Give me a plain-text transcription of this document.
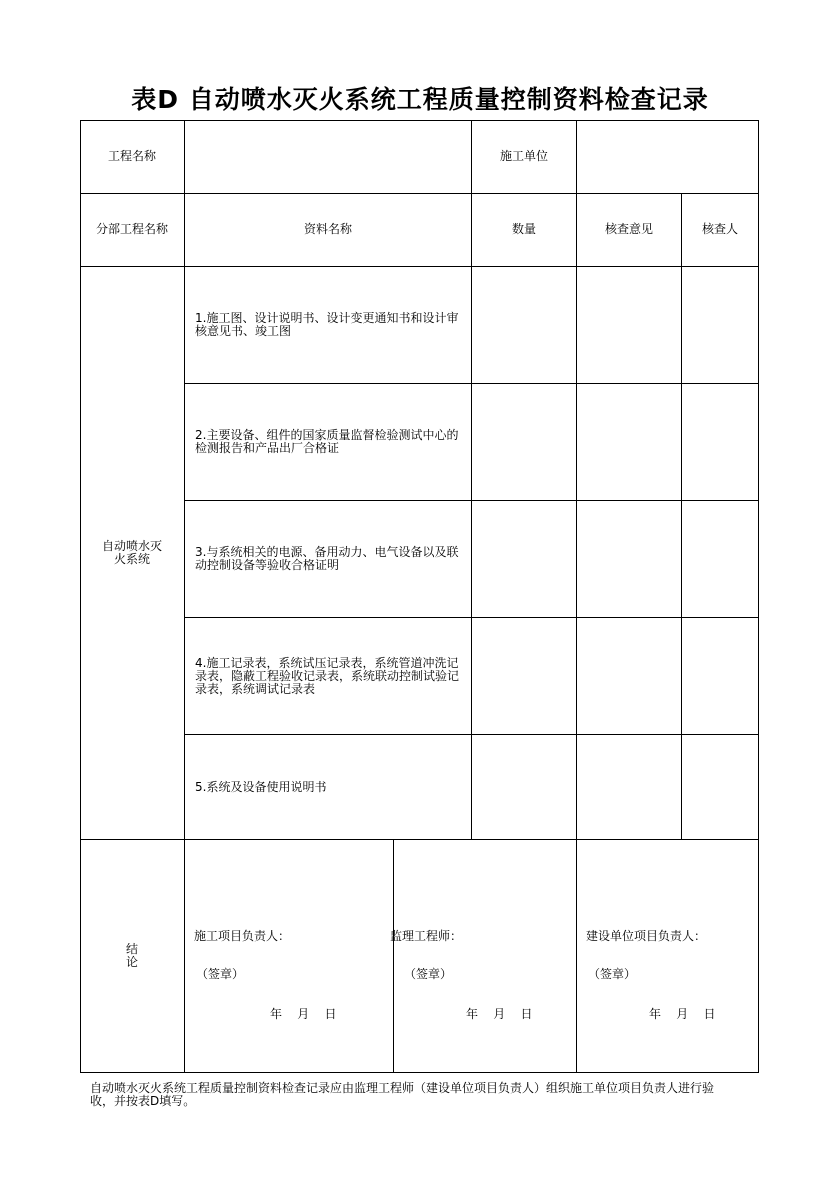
表D 自动喷水灭火系统工程质量控制资料检查记录
工程名称	施工单位
分部工程名称	资料名称	数量	核查意见	核查人
自动喷水灭火系统
1.施工图、设计说明书、设计变更通知书和设计审核意见书、竣工图
2.主要设备、组件的国家质量监督检验测试中心的检测报告和产品出厂合格证
3.与系统相关的电源、备用动力、电气设备以及联动控制设备等验收合格证明
4.施工记录表，系统试压记录表，系统管道冲洗记录表，隐蔽工程验收记录表，系统联动控制试验记录表，系统调试记录表
5.系统及设备使用说明书
结论
施工项目负责人：
（签章）
年    月    日
监理工程师：
（签章）
年    月    日
建设单位项目负责人：
（签章）
年    月    日
自动喷水灭火系统工程质量控制资料检查记录应由监理工程师（建设单位项目负责人）组织施工单位项目负责人进行验收，并按表D填写。
